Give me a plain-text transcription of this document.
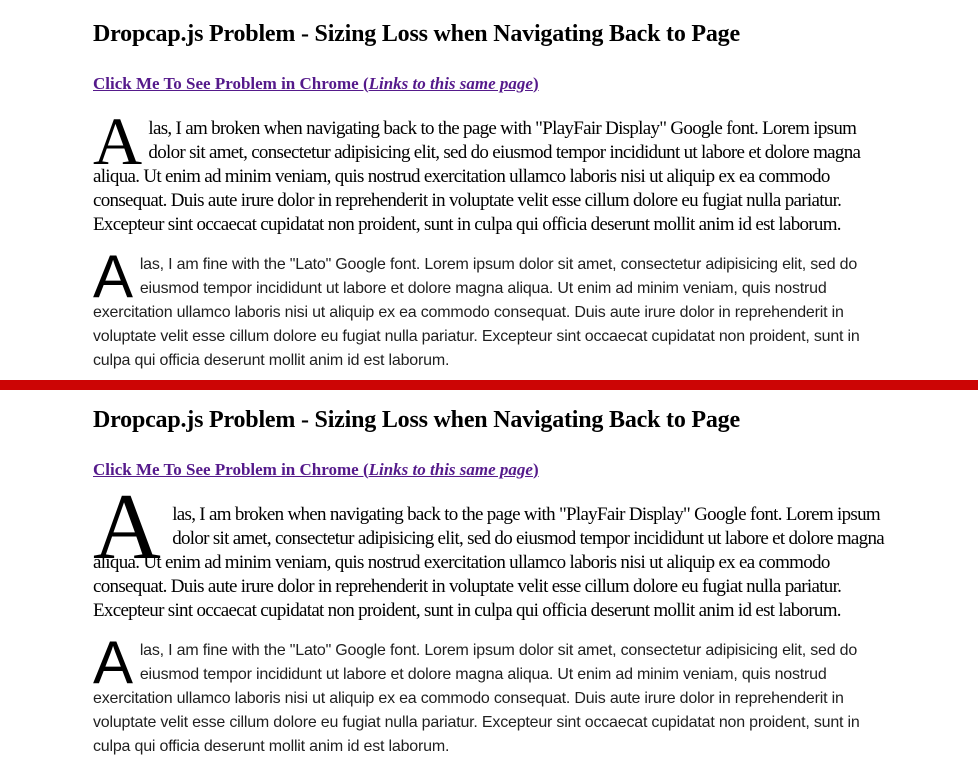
Dropcap.js Problem - Sizing Loss when Navigating Back to Page

Click Me To See Problem in Chrome (Links to this same page)

Alas, I am broken when navigating back to the page with "PlayFair Display" Google font. Lorem ipsum dolor sit amet, consectetur adipisicing elit, sed do eiusmod tempor incididunt ut labore et dolore magna aliqua. Ut enim ad minim veniam, quis nostrud exercitation ullamco laboris nisi ut aliquip ex ea commodo consequat. Duis aute irure dolor in reprehenderit in voluptate velit esse cillum dolore eu fugiat nulla pariatur. Excepteur sint occaecat cupidatat non proident, sunt in culpa qui officia deserunt mollit anim id est laborum.

Alas, I am fine with the "Lato" Google font. Lorem ipsum dolor sit amet, consectetur adipisicing elit, sed do eiusmod tempor incididunt ut labore et dolore magna aliqua. Ut enim ad minim veniam, quis nostrud exercitation ullamco laboris nisi ut aliquip ex ea commodo consequat. Duis aute irure dolor in reprehenderit in voluptate velit esse cillum dolore eu fugiat nulla pariatur. Excepteur sint occaecat cupidatat non proident, sunt in culpa qui officia deserunt mollit anim id est laborum.

Dropcap.js Problem - Sizing Loss when Navigating Back to Page

Click Me To See Problem in Chrome (Links to this same page)

Alas, I am broken when navigating back to the page with "PlayFair Display" Google font. Lorem ipsum dolor sit amet, consectetur adipisicing elit, sed do eiusmod tempor incididunt ut labore et dolore magna aliqua. Ut enim ad minim veniam, quis nostrud exercitation ullamco laboris nisi ut aliquip ex ea commodo consequat. Duis aute irure dolor in reprehenderit in voluptate velit esse cillum dolore eu fugiat nulla pariatur. Excepteur sint occaecat cupidatat non proident, sunt in culpa qui officia deserunt mollit anim id est laborum.

Alas, I am fine with the "Lato" Google font. Lorem ipsum dolor sit amet, consectetur adipisicing elit, sed do eiusmod tempor incididunt ut labore et dolore magna aliqua. Ut enim ad minim veniam, quis nostrud exercitation ullamco laboris nisi ut aliquip ex ea commodo consequat. Duis aute irure dolor in reprehenderit in voluptate velit esse cillum dolore eu fugiat nulla pariatur. Excepteur sint occaecat cupidatat non proident, sunt in culpa qui officia deserunt mollit anim id est laborum.
